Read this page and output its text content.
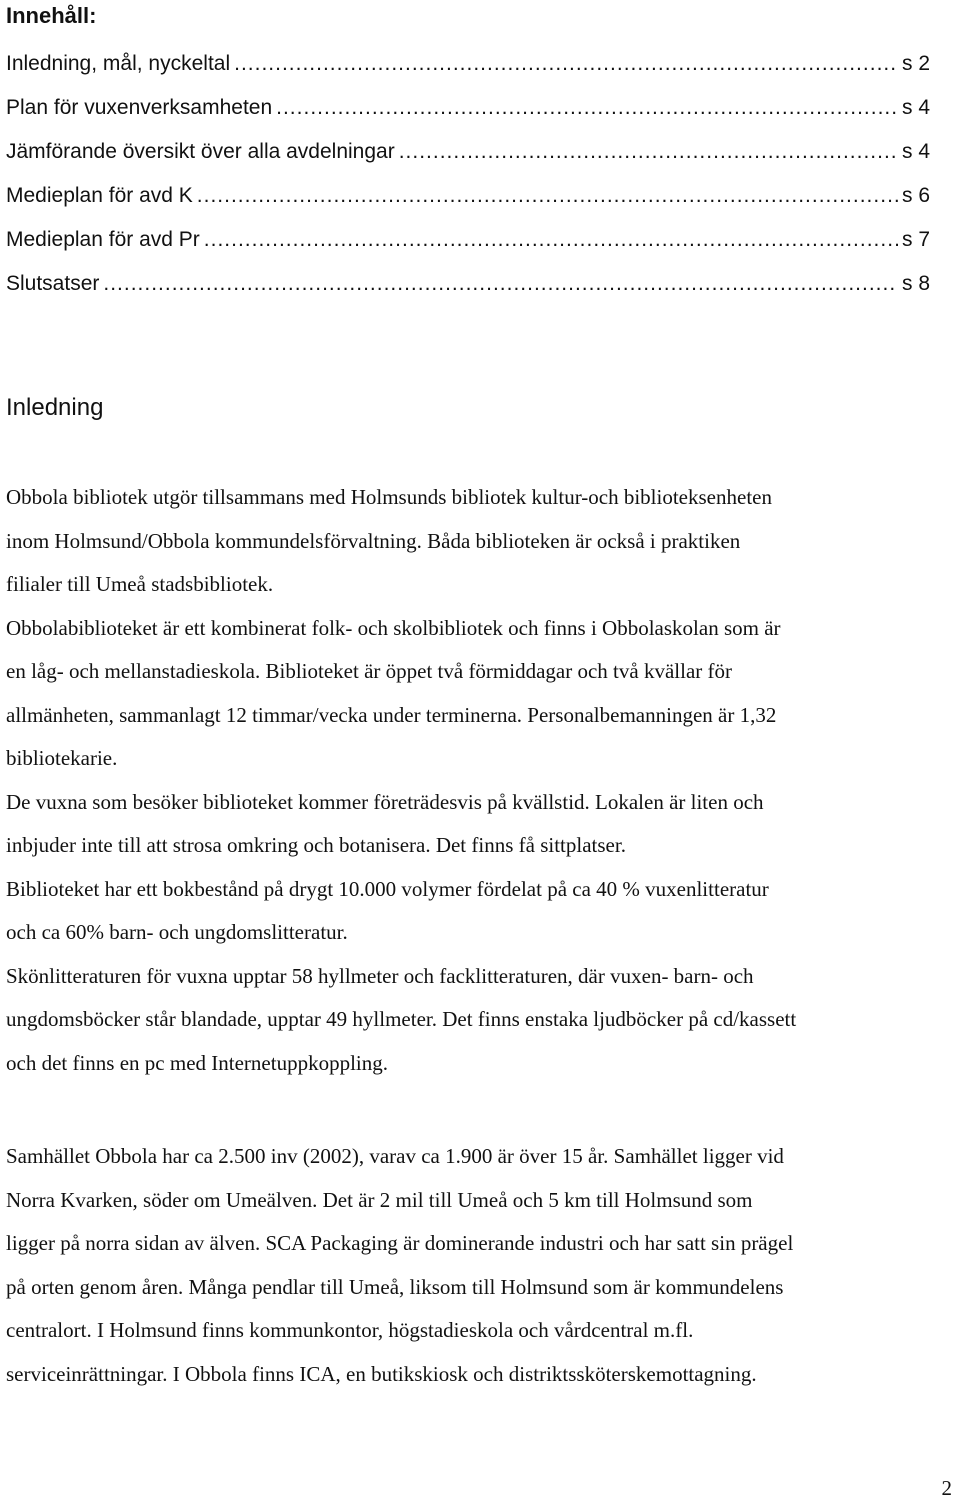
Innehåll:
Inledning, mål, nyckeltal .....	s 2
Plan för vuxenverksamheten .....	s 4
Jämförande översikt över alla avdelningar .....	s 4
Medieplan för avd K .....	s 6
Medieplan för avd Pr .....	s 7
Slutsatser .....	s 8
Inledning

Obbola bibliotek utgör tillsammans med Holmsunds bibliotek kultur-och biblioteksenheten
inom Holmsund/Obbola kommundelsförvaltning. Båda biblioteken är också i praktiken
filialer till Umeå stadsbibliotek.
Obbolabiblioteket är ett kombinerat folk- och skolbibliotek och finns i Obbolaskolan som är
en låg- och mellanstadieskola. Biblioteket är öppet två förmiddagar och två kvällar för
allmänheten, sammanlagt 12 timmar/vecka under terminerna. Personalbemanningen är 1,32
bibliotekarie.
De vuxna som besöker biblioteket kommer företrädesvis på kvällstid. Lokalen är liten och
inbjuder inte till att strosa omkring och botanisera. Det finns få sittplatser.
Biblioteket har ett bokbestånd på drygt 10.000 volymer fördelat på ca 40 % vuxenlitteratur
och ca 60% barn- och ungdomslitteratur.
Skönlitteraturen för vuxna upptar 58 hyllmeter och facklitteraturen, där vuxen- barn- och
ungdomsböcker står blandade, upptar 49 hyllmeter. Det finns enstaka ljudböcker på cd/kassett
och det finns en pc med Internetuppkoppling.

Samhället Obbola har ca 2.500 inv (2002), varav ca 1.900 är över 15 år. Samhället ligger vid
Norra Kvarken, söder om Umeälven. Det är 2 mil till Umeå och 5 km till Holmsund som
ligger på norra sidan av älven. SCA Packaging är dominerande industri och har satt sin prägel
på orten genom åren. Många pendlar till Umeå, liksom till Holmsund som är kommundelens
centralort. I Holmsund finns kommunkontor, högstadieskola och vårdcentral m.fl.
serviceinrättningar. I Obbola finns ICA, en butikskiosk och distriktssköterskemottagning.

2
